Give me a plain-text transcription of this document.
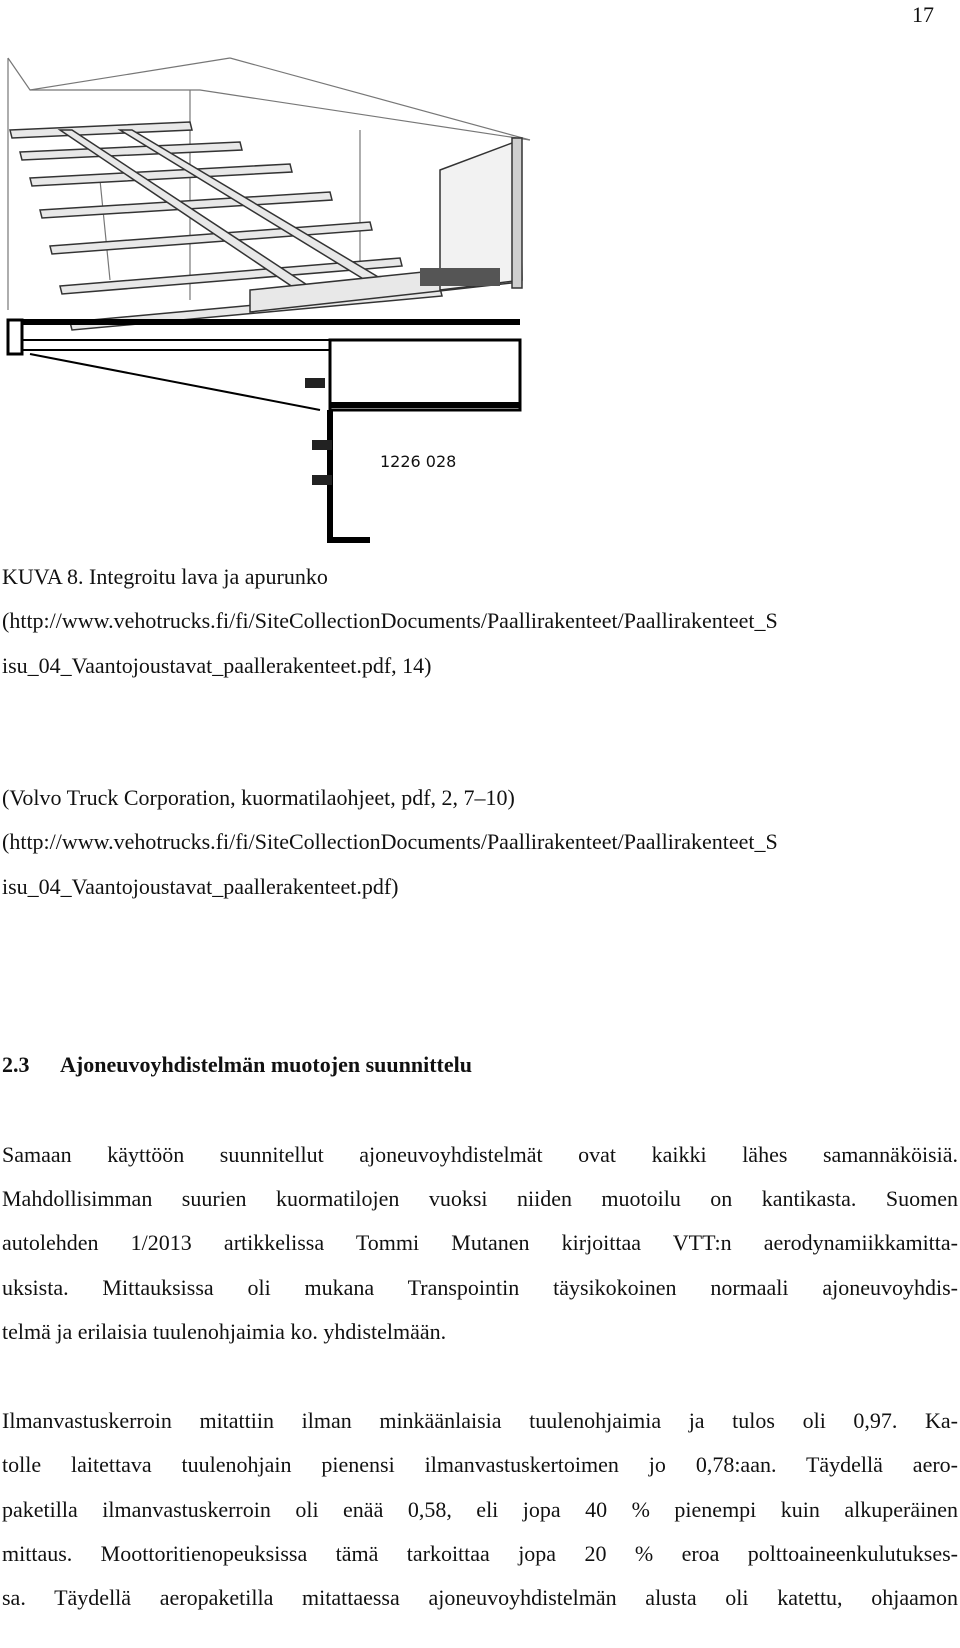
17
1226 028
KUVA 8. Integroitu lava ja apurunko
(http://www.vehotrucks.fi/fi/SiteCollectionDocuments/Paallirakenteet/Paallirakenteet_S
isu_04_Vaantojoustavat_paallerakenteet.pdf, 14)
(Volvo Truck Corporation, kuormatilaohjeet, pdf, 2, 7–10)
(http://www.vehotrucks.fi/fi/SiteCollectionDocuments/Paallirakenteet/Paallirakenteet_S
isu_04_Vaantojoustavat_paallerakenteet.pdf)
2.3 Ajoneuvoyhdistelmän muotojen suunnittelu
Samaan käyttöön suunnitellut ajoneuvoyhdistelmät ovat kaikki lähes samannäköisiä.
Mahdollisimman suurien kuormatilojen vuoksi niiden muotoilu on kantikasta. Suomen
autolehden 1/2013 artikkelissa Tommi Mutanen kirjoittaa VTT:n aerodynamiikkamitta-
uksista. Mittauksissa oli mukana Transpointin täysikokoinen normaali ajoneuvoyhdis-
telmä ja erilaisia tuulenohjaimia ko. yhdistelmään.
Ilmanvastuskerroin mitattiin ilman minkäänlaisia tuulenohjaimia ja tulos oli 0,97. Ka-
tolle laitettava tuulenohjain pienensi ilmanvastuskertoimen jo 0,78:aan. Täydellä aero-
paketilla ilmanvastuskerroin oli enää 0,58, eli jopa 40 % pienempi kuin alkuperäinen
mittaus. Moottoritienopeuksissa tämä tarkoittaa jopa 20 % eroa polttoaineenkulutukses-
sa. Täydellä aeropaketilla mitattaessa ajoneuvoyhdistelmän alusta oli katettu, ohjaamon
